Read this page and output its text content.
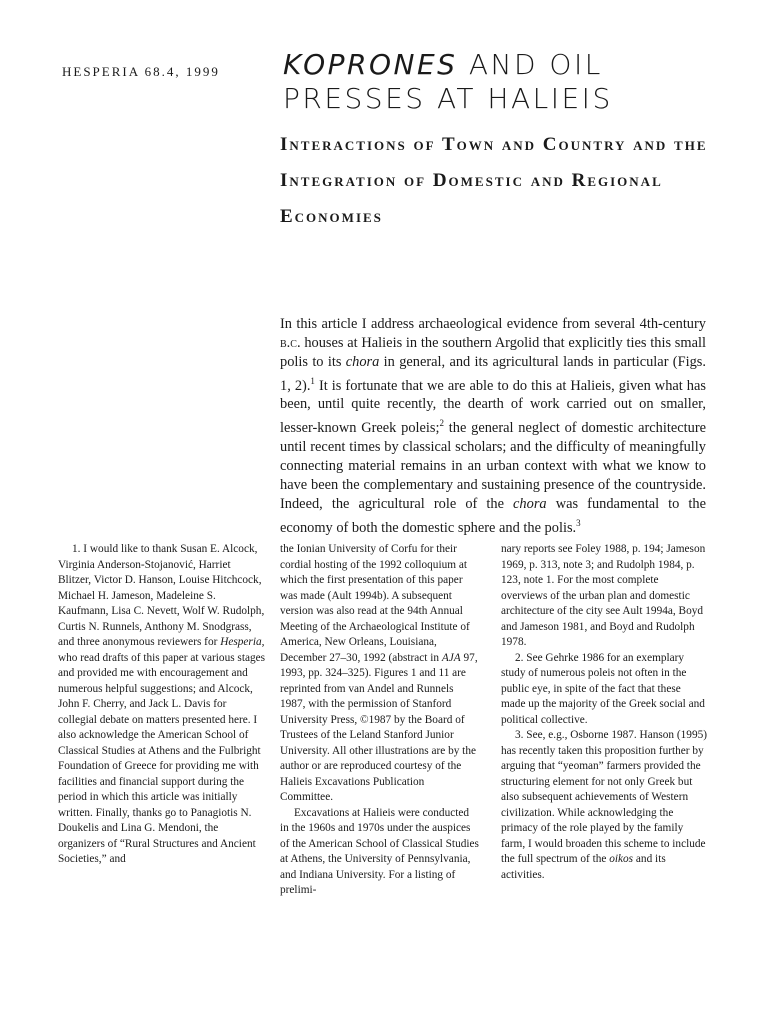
HESPERIA 68.4, 1999 KOPRONES AND OIL PRESSES AT HALIEIS
Interactions of Town and Country and the Integration of Domestic and Regional Economies
In this article I address archaeological evidence from several 4th-century b.c. houses at Halieis in the southern Argolid that explicitly ties this small polis to its chora in general, and its agricultural lands in particular (Figs. 1, 2).$^1$ It is fortunate that we are able to do this at Halieis, given what has been, until quite recently, the dearth of work carried out on smaller, lesser-known Greek poleis;$^2$ the general neglect of domestic architecture until recent times by classical scholars; and the difficulty of meaningfully connecting material remains in an urban context with what we know to have been the complementary and sustaining presence of the countryside. Indeed, the agricultural role of the chora was fundamental to the economy of both the domestic sphere and the polis.$^3$

1. I would like to thank Susan E. Alcock, Virginia Anderson-Stojanović, Harriet Blitzer, Victor D. Hanson, Louise Hitchcock, Michael H. Jameson, Madeleine S. Kaufmann, Lisa C. Nevett, Wolf W. Rudolph, Curtis N. Runnels, Anthony M. Snodgrass, and three anonymous reviewers for Hesperia, who read drafts of this paper at various stages and provided me with encouragement and numerous helpful suggestions; and Alcock, John F. Cherry, and Jack L. Davis for collegial debate on matters presented here. I also acknowledge the American School of Classical Studies at Athens and the Fulbright Foundation of Greece for providing me with facilities and financial support during the period in which this article was initially written. Finally, thanks go to Panagiotis N. Doukelis and Lina G. Mendoni, the organizers of “Rural Structures and Ancient Societies,” and

the Ionian University of Corfu for their cordial hosting of the 1992 colloquium at which the first presentation of this paper was made (Ault 1994b). A subsequent version was also read at the 94th Annual Meeting of the Archaeological Institute of America, New Orleans, Louisiana, December 27–30, 1992 (abstract in AJA 97, 1993, pp. 324–325). Figures 1 and 11 are reprinted from van Andel and Runnels 1987, with the permission of Stanford University Press, ©1987 by the Board of Trustees of the Leland Stanford Junior University. All other illustrations are by the author or are reproduced courtesy of the Halieis Excavations Publication Committee.

Excavations at Halieis were conducted in the 1960s and 1970s under the auspices of the American School of Classical Studies at Athens, the University of Pennsylvania, and Indiana University. For a listing of prelimi-

nary reports see Foley 1988, p. 194; Jameson 1969, p. 313, note 3; and Rudolph 1984, p. 123, note 1. For the most complete overviews of the urban plan and domestic architecture of the city see Ault 1994a, Boyd and Jameson 1981, and Boyd and Rudolph 1978.

2. See Gehrke 1986 for an exemplary study of numerous poleis not often in the public eye, in spite of the fact that these made up the majority of the Greek social and political collective.

3. See, e.g., Osborne 1987. Hanson (1995) has recently taken this proposition further by arguing that “yeoman” farmers provided the structuring element for not only Greek but also subsequent achievements of Western civilization. While acknowledging the primacy of the role played by the family farm, I would broaden this scheme to include the full spectrum of the oikos and its activities.
